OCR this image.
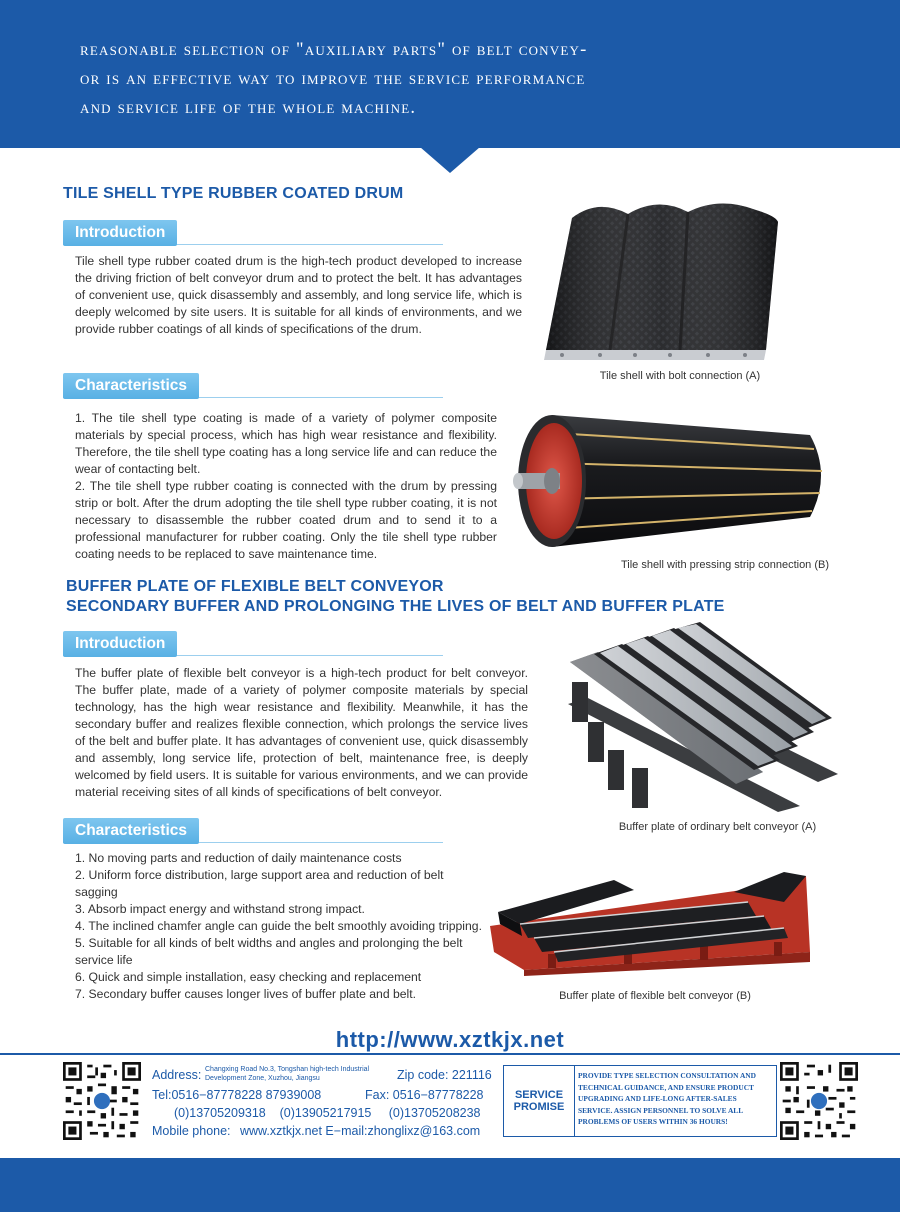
reasonable selection of "auxiliary parts" of belt convey-
or is an effective way to improve the service performance
and service life of the whole machine.
TILE SHELL TYPE RUBBER COATED DRUM
Introduction
Tile shell type rubber coated drum is the high-tech product developed to increase the driving friction of belt conveyor drum and to protect the belt. It has advantages of convenient use, quick disassembly and assembly, and long service life, which is deeply welcomed by site users. It is suitable for all kinds of environments, and we provide rubber coatings of all kinds of specifications of the drum.
Characteristics

1. The tile shell type coating is made of a variety of polymer composite materials by special process, which has high wear resistance and flexibility. Therefore, the tile shell type coating has a long service life and can reduce the wear of contacting belt.

2. The tile shell type rubber coating is connected with the drum by pressing strip or bolt. After the drum adopting the tile shell type rubber coating, it is not necessary to disassemble the rubber coated drum and to send it to a professional manufacturer for rubber coating. Only the tile shell type rubber coating needs to be replaced to save maintenance time.

Tile shell with bolt connection (A)
Tile shell with pressing strip connection (B)
BUFFER PLATE OF FLEXIBLE BELT CONVEYOR
SECONDARY BUFFER AND PROLONGING THE LIVES OF BELT AND BUFFER PLATE
Introduction
The buffer plate of flexible belt conveyor is a high-tech product for belt conveyor. The buffer plate, made of a variety of polymer composite materials by special technology, has the high wear resistance and flexibility. Meanwhile, it has the secondary buffer and realizes flexible connection, which prolongs the service lives of the belt and buffer plate. It has advantages of convenient use, quick disassembly and assembly, long service life, protection of belt, maintenance free, is deeply welcomed by field users. It is suitable for various environments, and we can provide material receiving sites of all kinds of specifications of belt conveyor.
Characteristics

1. No moving parts and reduction of daily maintenance costs

2. Uniform force distribution, large support area and reduction of belt sagging

3. Absorb impact energy and withstand strong impact.

4. The inclined chamfer angle can guide the belt smoothly avoiding tripping.

5. Suitable for all kinds of belt widths and angles and prolonging the belt service life

6. Quick and simple installation, easy checking and replacement

7. Secondary buffer causes longer lives of buffer plate and belt.

Buffer plate of ordinary belt conveyor (A)
Buffer plate of flexible belt conveyor (B)
http://www.xztkjx.net
Address: Changxing Road No.3, Tongshan high-tech Industrial
Development Zone, Xuzhou, Jiangsu	Zip code: 221116
Tel:0516−87778228 87939008	Fax: 0516−87778228
(0)13705209318    (0)13905217915     (0)13705208238
Mobile phone: www.xztkjx.net E−mail:zhonglixz@163.com
SERVICE
PROMISE
PROVIDE TYPE SELECTION CONSULTATION AND TECHNICAL GUIDANCE, AND ENSURE PRODUCT UPGRADING AND LIFE-LONG AFTER-SALES SERVICE. ASSIGN PERSONNEL TO SOLVE ALL PROBLEMS OF USERS WITHIN 36 HOURS!
